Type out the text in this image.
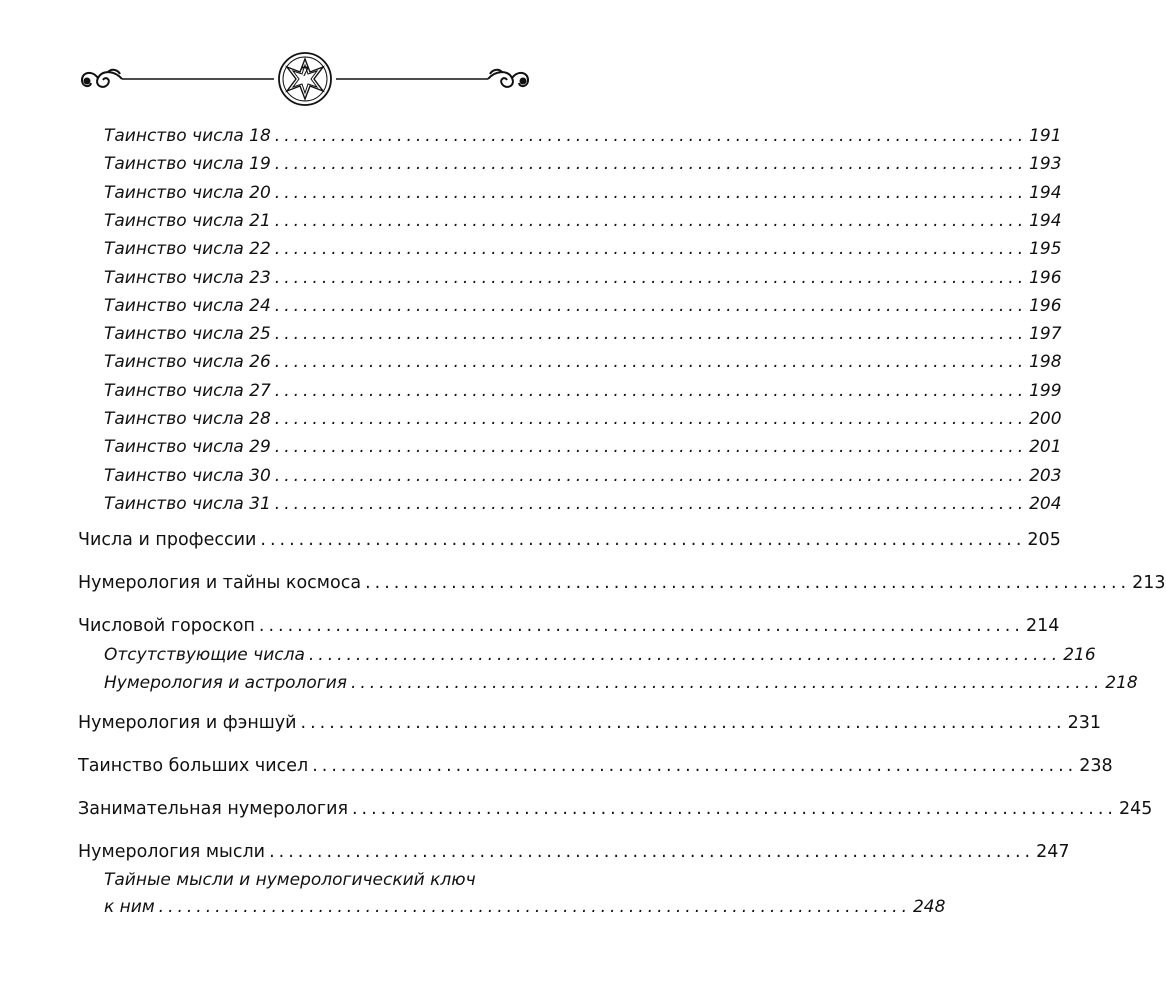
7
Таинство числа 18 ................................................................................ 191
Таинство числа 19 ................................................................................ 193
Таинство числа 20 ................................................................................ 194
Таинство числа 21 ................................................................................ 194
Таинство числа 22 ................................................................................ 195
Таинство числа 23 ................................................................................ 196
Таинство числа 24 ................................................................................ 196
Таинство числа 25 ................................................................................ 197
Таинство числа 26 ................................................................................ 198
Таинство числа 27 ................................................................................ 199
Таинство числа 28 ................................................................................ 200
Таинство числа 29 ................................................................................ 201
Таинство числа 30 ................................................................................ 203
Таинство числа 31 ................................................................................ 204
Числа и профессии ................................................................................ 205
Нумерология и тайны космоса ................................................................................ 213
Числовой гороскоп ................................................................................ 214
Отсутствующие числа ................................................................................ 216
Нумерология и астрология ................................................................................ 218
Нумерология и фэншуй ................................................................................ 231
Таинство больших чисел ................................................................................ 238
Занимательная нумерология ................................................................................ 245
Нумерология мысли ................................................................................ 247
Тайные мысли и нумерологический ключ
к ним ................................................................................ 248
